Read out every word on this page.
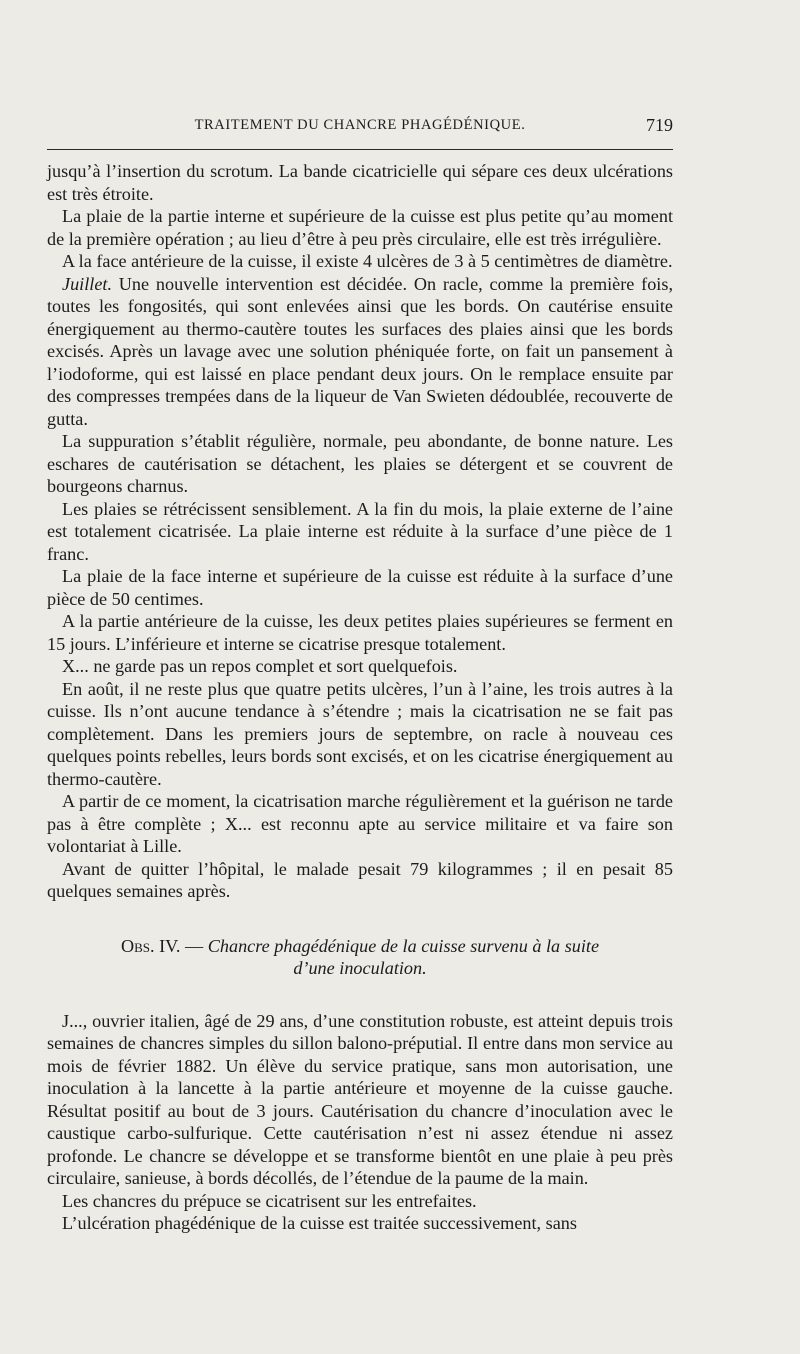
TRAITEMENT DU CHANCRE PHAGÉDÉNIQUE.	719

jusqu’à l’insertion du scrotum. La bande cicatricielle qui sépare ces deux ulcérations est très étroite.

La plaie de la partie interne et supérieure de la cuisse est plus petite qu’au moment de la première opération ; au lieu d’être à peu près circulaire, elle est très irrégulière.

A la face antérieure de la cuisse, il existe 4 ulcères de 3 à 5 centimètres de diamètre.

Juillet. Une nouvelle intervention est décidée. On racle, comme la première fois, toutes les fongosités, qui sont enlevées ainsi que les bords. On cautérise ensuite énergiquement au thermo-cautère toutes les surfaces des plaies ainsi que les bords excisés. Après un lavage avec une solution phéniquée forte, on fait un pansement à l’iodoforme, qui est laissé en place pendant deux jours. On le remplace ensuite par des compresses trempées dans de la liqueur de Van Swieten dédoublée, recouverte de gutta.

La suppuration s’établit régulière, normale, peu abondante, de bonne nature. Les eschares de cautérisation se détachent, les plaies se détergent et se couvrent de bourgeons charnus.

Les plaies se rétrécissent sensiblement. A la fin du mois, la plaie externe de l’aine est totalement cicatrisée. La plaie interne est réduite à la surface d’une pièce de 1 franc.

La plaie de la face interne et supérieure de la cuisse est réduite à la surface d’une pièce de 50 centimes.

A la partie antérieure de la cuisse, les deux petites plaies supérieures se ferment en 15 jours. L’inférieure et interne se cicatrise presque totalement.

X... ne garde pas un repos complet et sort quelquefois.

En août, il ne reste plus que quatre petits ulcères, l’un à l’aine, les trois autres à la cuisse. Ils n’ont aucune tendance à s’étendre ; mais la cicatrisation ne se fait pas complètement. Dans les premiers jours de septembre, on racle à nouveau ces quelques points rebelles, leurs bords sont excisés, et on les cicatrise énergiquement au thermo-cautère.

A partir de ce moment, la cicatrisation marche régulièrement et la guérison ne tarde pas à être complète ; X... est reconnu apte au service militaire et va faire son volontariat à Lille.

Avant de quitter l’hôpital, le malade pesait 79 kilogrammes ; il en pesait 85 quelques semaines après.

Obs. IV. — Chancre phagédénique de la cuisse survenu à la suite
d’une inoculation.

J..., ouvrier italien, âgé de 29 ans, d’une constitution robuste, est atteint depuis trois semaines de chancres simples du sillon balono-préputial. Il entre dans mon service au mois de février 1882. Un élève du service pratique, sans mon autorisation, une inoculation à la lancette à la partie antérieure et moyenne de la cuisse gauche. Résultat positif au bout de 3 jours. Cautérisation du chancre d’inoculation avec le caustique carbo-sulfurique. Cette cautérisation n’est ni assez étendue ni assez profonde. Le chancre se développe et se transforme bientôt en une plaie à peu près circulaire, sanieuse, à bords décollés, de l’étendue de la paume de la main.

Les chancres du prépuce se cicatrisent sur les entrefaites.

L’ulcération phagédénique de la cuisse est traitée successivement, sans
